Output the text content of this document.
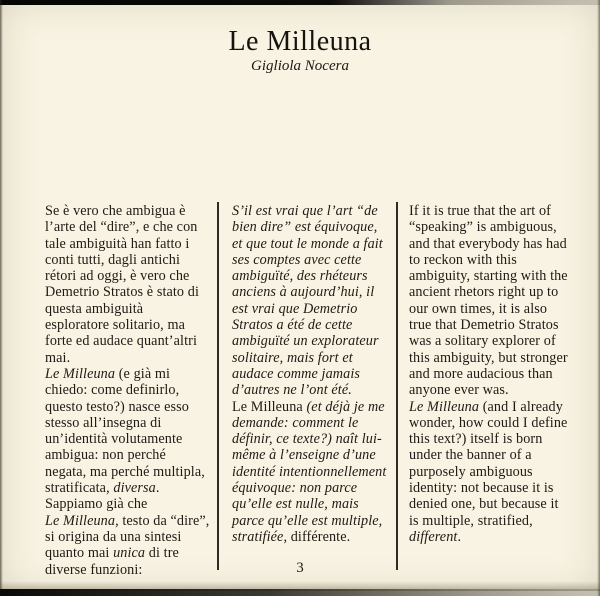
Le Milleuna
Gigliola Nocera
Se è vero che ambigua è l’arte del “dire”, e che con tale ambiguità han fatto i conti tutti, dagli antichi rétori ad oggi, è vero che Demetrio Stratos è stato di questa ambiguità esploratore solitario, ma forte ed audace quant’altri mai.
Le Milleuna (e già mi chiedo: come definirlo, questo testo?) nasce esso stesso all’insegna di un’identità volutamente ambigua: non perché negata, ma perché multipla, stratificata, diversa.
Sappiamo già che
Le Milleuna, testo da “dire”, si origina da una sintesi quanto mai unica di tre diverse funzioni:
S’il est vrai que l’art “de bien dire” est équivoque, et que tout le monde a fait ses comptes avec cette ambiguïté, des rhéteurs anciens à aujourd’hui, il est vrai que Demetrio Stratos a été de cette ambiguïté un explorateur solitaire, mais fort et audace comme jamais d’autres ne l’ont été.
Le Milleuna (et déjà je me demande: comment le définir, ce texte?) naît lui-même à l’enseigne d’une identité intentionnellement équivoque: non parce qu’elle est nulle, mais parce qu’elle est multiple, stratifiée, différente.
If it is true that the art of “speaking” is ambiguous, and that everybody has had to reckon with this ambiguity, starting with the ancient rhetors right up to our own times, it is also true that Demetrio Stratos was a solitary explorer of this ambiguity, but stronger and more audacious than anyone ever was.
Le Milleuna (and I already wonder, how could I define this text?) itself is born under the banner of a purposely ambiguous identity: not because it is denied one, but because it is multiple, stratified, different.
3
